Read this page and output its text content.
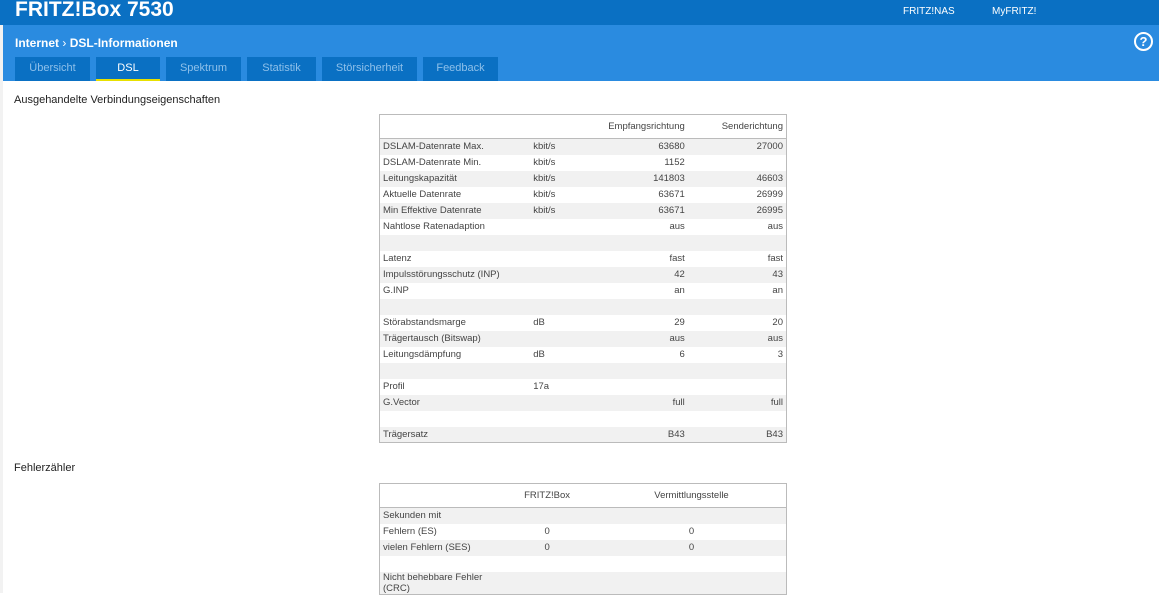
FRITZ!Box 7530	FRITZ!NAS	MyFRITZ!
Internet › DSL-Informationen	?
Übersicht	DSL	Spektrum	Statistik	Störsicherheit	Feedback
Ausgehandelte Verbindungseigenschaften
		Empfangsrichtung	Senderichtung
DSLAM-Datenrate Max.	kbit/s	63680	27000
DSLAM-Datenrate Min.	kbit/s	1152	
Leitungskapazität	kbit/s	141803	46603
Aktuelle Datenrate	kbit/s	63671	26999
Min Effektive Datenrate	kbit/s	63671	26995
Nahtlose Ratenadaption		aus	aus

Latenz		fast	fast
Impulsstörungsschutz (INP)		42	43
G.INP		an	an

Störabstandsmarge	dB	29	20
Trägertausch (Bitswap)		aus	aus
Leitungsdämpfung	dB	6	3

Profil	17a		
G.Vector		full	full

Trägersatz		B43	B43
Fehlerzähler
	FRITZ!Box	Vermittlungsstelle
Sekunden mit		
Fehlern (ES)	0	0
vielen Fehlern (SES)	0	0

Nicht behebbare Fehler (CRC)		
